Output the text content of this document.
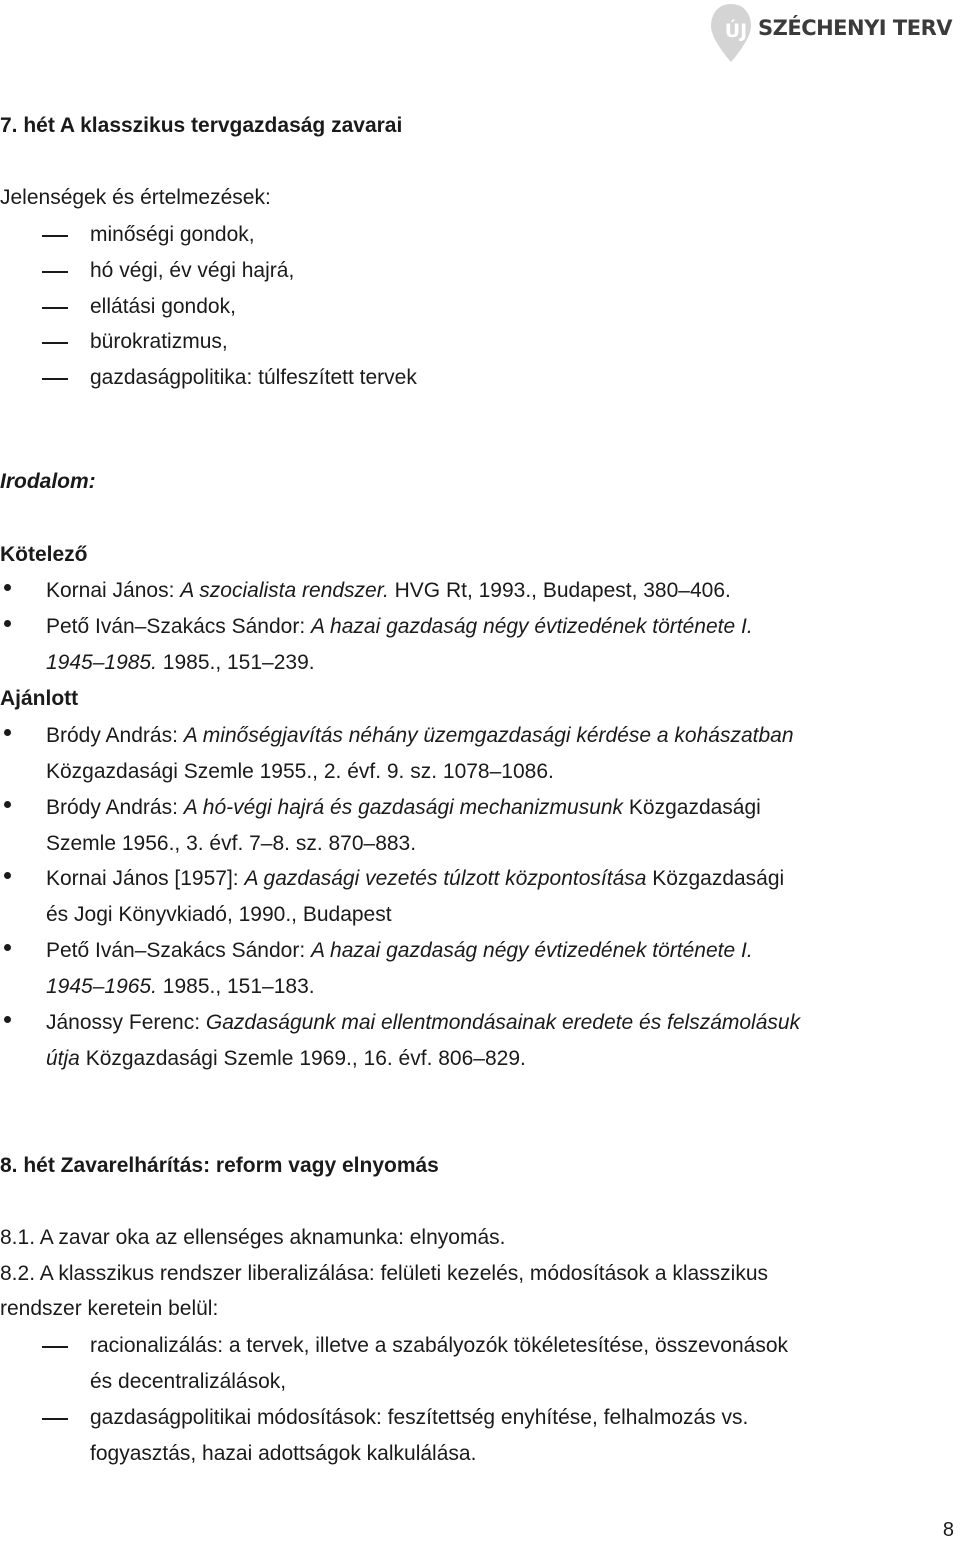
ÚJ SZÉCHENYI TERV
7. hét A klasszikus tervgazdaság zavarai
Jelenségek és értelmezések:
minőségi gondok,
hó végi, év végi hajrá,
ellátási gondok,
bürokratizmus,
gazdaságpolitika: túlfeszített tervek
Irodalom:
Kötelező
Kornai János: A szocialista rendszer. HVG Rt, 1993., Budapest, 380–406.
Pető Iván–Szakács Sándor: A hazai gazdaság négy évtizedének története I.
1945–1985. 1985., 151–239.
Ajánlott
Bródy András: A minőségjavítás néhány üzemgazdasági kérdése a kohászatban
Közgazdasági Szemle 1955., 2. évf. 9. sz. 1078–1086.
Bródy András: A hó-végi hajrá és gazdasági mechanizmusunk Közgazdasági
Szemle 1956., 3. évf. 7–8. sz. 870–883.
Kornai János [1957]: A gazdasági vezetés túlzott központosítása Közgazdasági
és Jogi Könyvkiadó, 1990., Budapest
Pető Iván–Szakács Sándor: A hazai gazdaság négy évtizedének története I.
1945–1965. 1985., 151–183.
Jánossy Ferenc: Gazdaságunk mai ellentmondásainak eredete és felszámolásuk
útja Közgazdasági Szemle 1969., 16. évf. 806–829.
8. hét Zavarelhárítás: reform vagy elnyomás
8.1. A zavar oka az ellenséges aknamunka: elnyomás.
8.2. A klasszikus rendszer liberalizálása: felületi kezelés, módosítások a klasszikus
rendszer keretein belül:
racionalizálás: a tervek, illetve a szabályozók tökéletesítése, összevonások
és decentralizálások,
gazdaságpolitikai módosítások: feszítettség enyhítése, felhalmozás vs.
fogyasztás, hazai adottságok kalkulálása.
8
